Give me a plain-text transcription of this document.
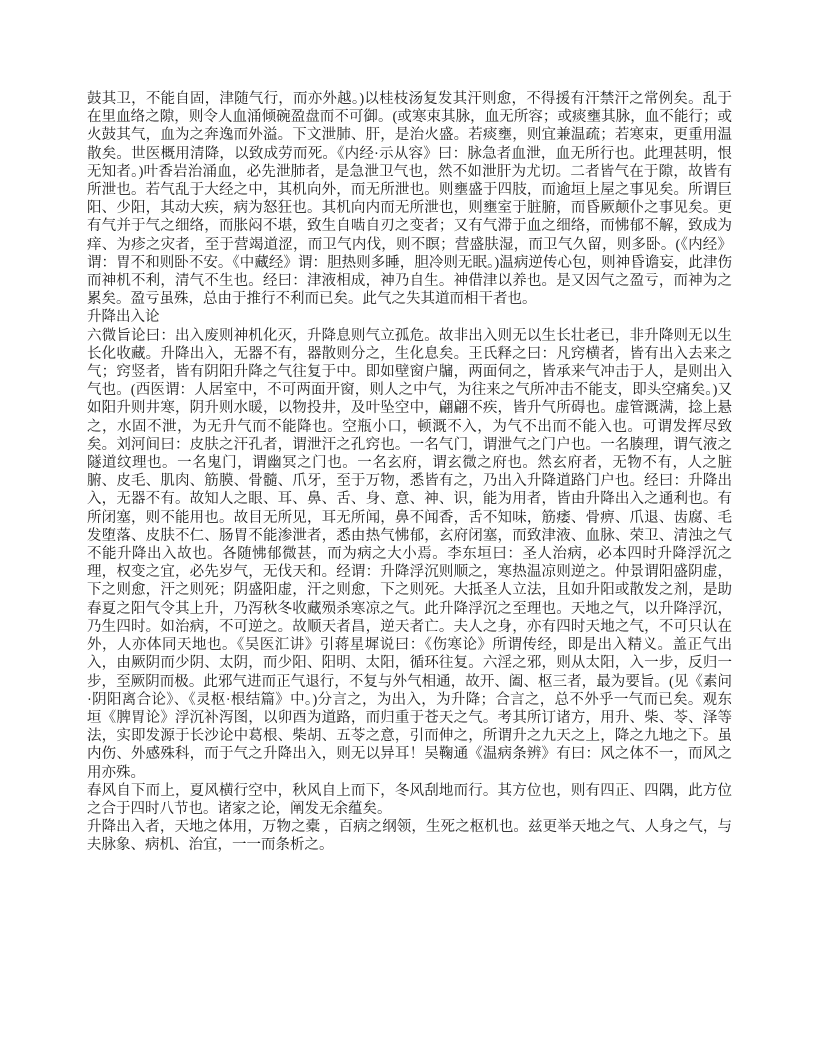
鼓其卫，不能自固，津随气行，而亦外越。)以桂枝汤复发其汗则愈，不得援有汗禁汗之常例矣。乱于在里血络之隙，则令人血涌倾碗盈盘而不可御。(或寒束其脉，血无所容；或痰壅其脉，血不能行；或火鼓其气，血为之奔逸而外溢。下文泄肺、肝，是治火盛。若痰壅，则宜兼温疏；若寒束，更重用温散矣。世医概用清降，以致成劳而死。《内经·示从容》曰：脉急者血泄，血无所行也。此理甚明，恨无知者。)叶香岩治涌血，必先泄肺者，是急泄卫气也，然不如泄肝为尤切。二者皆气在于隙，故皆有所泄也。若气乱于大经之中，其机向外，而无所泄也。则壅盛于四肢，而逾垣上屋之事见矣。所谓巨阳、少阳，其动大疾，病为怒狂也。其机向内而无所泄也，则壅室于脏腑，而昏厥颠仆之事见矣。更有气并于气之细络，而胀闷不堪，致生自啮自刃之变者；又有气滞于血之细络，而怫郁不解，致成为痒、为疹之灾者，至于营竭道涩，而卫气内伐，则不瞑；营盛肤湿，而卫气久留，则多卧。(《内经》谓：胃不和则卧不安。《中藏经》谓：胆热则多睡，胆冷则无眠。)温病逆传心包，则神昏谵妄，此津伤而神机不利，清气不生也。经曰：津液相成，神乃自生。神借津以养也。是又因气之盈亏，而神为之累矣。盈亏虽殊，总由于推行不利而已矣。此气之失其道而相干者也。

升降出入论

六微旨论曰：出入废则神机化灭，升降息则气立孤危。故非出入则无以生长壮老已，非升降则无以生长化收藏。升降出入，无器不有，器散则分之，生化息矣。王氏释之曰：凡窍横者，皆有出入去来之气；窍竖者，皆有阴阳升降之气往复于中。即如壁窗户牖，两面伺之，皆承来气冲击于人，是则出入气也。(西医谓：人居室中，不可两面开窗，则人之中气，为往来之气所冲击不能支，即头空痛矣。)又如阳升则井寒，阴升则水暖，以物投井，及叶坠空中，翩翩不疾，皆升气所碍也。虚管溉满，捻上悬之，水固不泄，为无升气而不能降也。空瓶小口，顿溉不入，为气不出而不能入也。可谓发挥尽致矣。刘河间曰：皮肤之汗孔者，谓泄汗之孔窍也。一名气门，谓泄气之门户也。一名腠理，谓气液之隧道纹理也。一名鬼门，谓幽冥之门也。一名玄府，谓玄微之府也。然玄府者，无物不有，人之脏腑、皮毛、肌肉、筋膜、骨髓、爪牙，至于万物，悉皆有之，乃出入升降道路门户也。经曰：升降出入，无器不有。故知人之眼、耳、鼻、舌、身、意、神、识，能为用者，皆由升降出入之通利也。有所闭塞，则不能用也。故目无所见，耳无所闻，鼻不闻香，舌不知味，筋痿、骨痹、爪退、齿腐、毛发堕落、皮肤不仁、肠胃不能渗泄者，悉由热气怫郁，玄府闭塞，而致津液、血脉、荣卫、清浊之气不能升降出入故也。各随怫郁微甚，而为病之大小焉。李东垣曰：圣人治病，必本四时升降浮沉之理，权变之宜，必先岁气，无伐天和。经谓：升降浮沉则顺之，寒热温凉则逆之。仲景谓阳盛阴虚，下之则愈，汗之则死；阴盛阳虚，汗之则愈，下之则死。大抵圣人立法，且如升阳或散发之剂，是助春夏之阳气令其上升，乃泻秋冬收藏殒杀寒凉之气。此升降浮沉之至理也。天地之气，以升降浮沉，乃生四时。如治病，不可逆之。故顺天者昌，逆天者亡。夫人之身，亦有四时天地之气，不可只认在外，人亦体同天地也。《吴医汇讲》引蒋星墀说曰：《伤寒论》所谓传经，即是出入精义。盖正气出入，由厥阴而少阴、太阴，而少阳、阳明、太阳，循环往复。六淫之邪，则从太阳，入一步，反归一步，至厥阴而极。此邪气进而正气退行，不复与外气相通，故开、阖、枢三者，最为要旨。(见《素问·阴阳离合论》、《灵枢·根结篇》中。)分言之，为出入，为升降；合言之，总不外乎一气而已矣。观东垣《脾胃论》浮沉补泻图，以卯酉为道路，而归重于苍天之气。考其所订诸方，用升、柴、苓、泽等法，实即发源于长沙论中葛根、柴胡、五苓之意，引而伸之，所谓升之九天之上，降之九地之下。虽内伤、外感殊科，而于气之升降出入，则无以异耳！吴鞠通《温病条辨》有曰：风之体不一，而风之用亦殊。

春风自下而上，夏风横行空中，秋风自上而下，冬风刮地而行。其方位也，则有四正、四隅，此方位之合于四时八节也。诸家之论，阐发无余蕴矣。

升降出入者，天地之体用，万物之橐 ，百病之纲领，生死之枢机也。兹更举天地之气、人身之气，与夫脉象、病机、治宜，一一而条析之。
